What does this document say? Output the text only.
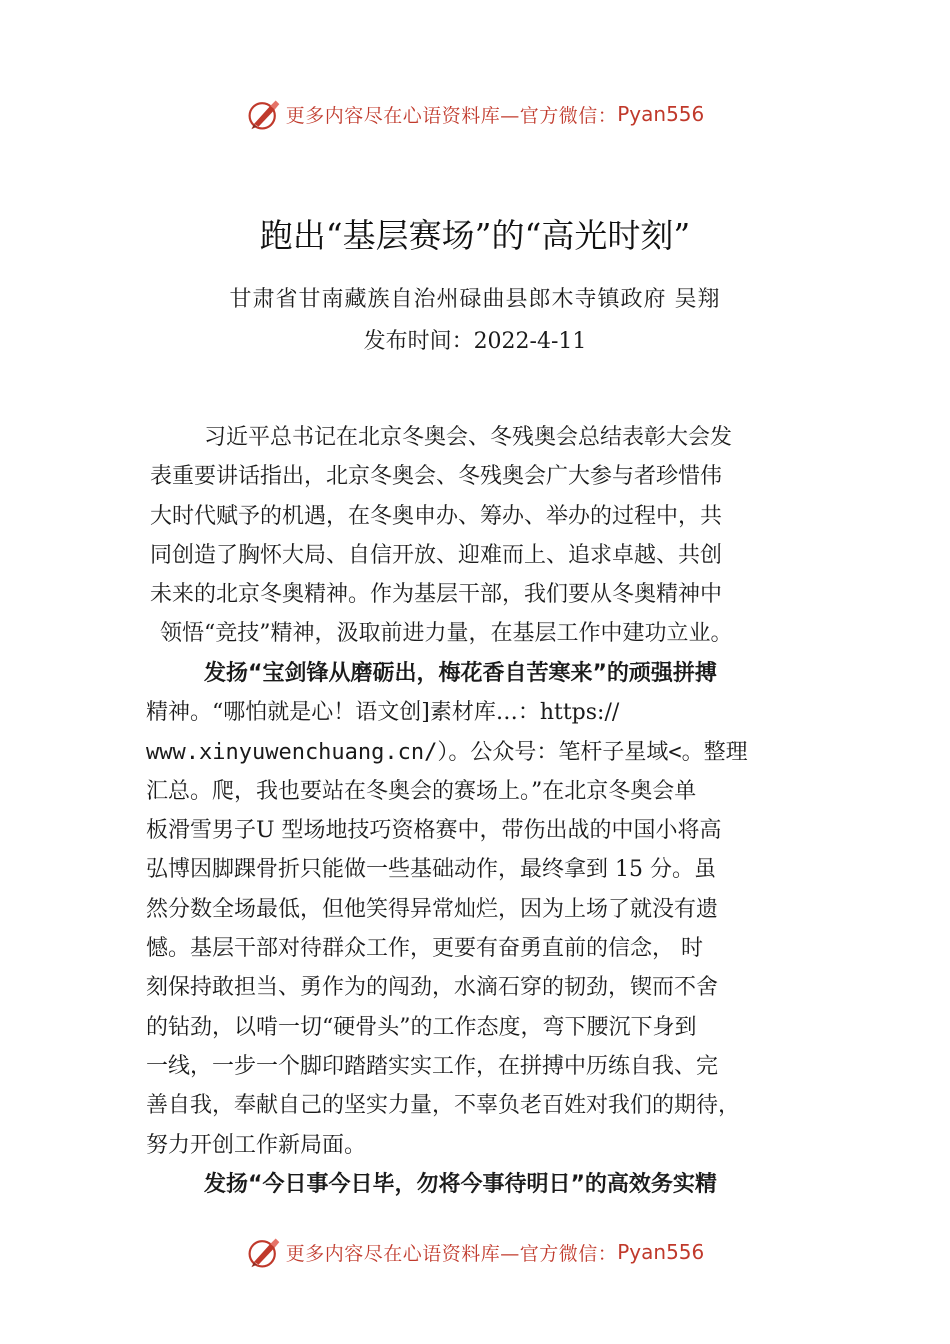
更多内容尽在心语资料库—官方微信： Pyan556
跑出“基层赛场”的“高光时刻”
甘肃省甘南藏族自治州碌曲县郎木寺镇政府 吴翔
发布时间：2022-4-11
习近平总书记在北京冬奥会、冬残奥会总结表彰大会发
表重要讲话指出，北京冬奥会、冬残奥会广大参与者珍惜伟
大时代赋予的机遇，在冬奥申办、筹办、举办的过程中，共
同创造了胸怀大局、自信开放、迎难而上、追求卓越、共创
未来的北京冬奥精神。作为基层干部，我们要从冬奥精神中
领悟“竞技”精神，汲取前进力量，在基层工作中建功立业。
发扬“宝剑锋从磨砺出，梅花香自苦寒来”的顽强拼搏
精神。“哪怕就是心！语文创]素材库…：https://
www.xinyuwenchuang.cn/）。公众号：笔杆子星域<。整理
汇总。爬，我也要站在冬奥会的赛场上。”在北京冬奥会单
板滑雪男子U 型场地技巧资格赛中，带伤出战的中国小将高
弘博因脚踝骨折只能做一些基础动作，最终拿到 15 分。虽
然分数全场最低，但他笑得异常灿烂，因为上场了就没有遗
憾。基层干部对待群众工作，更要有奋勇直前的信念， 时
刻保持敢担当、勇作为的闯劲，水滴石穿的韧劲，锲而不舍
的钻劲，以啃一切“硬骨头”的工作态度，弯下腰沉下身到
一线，一步一个脚印踏踏实实工作，在拼搏中历练自我、完
善自我，奉献自己的坚实力量，不辜负老百姓对我们的期待，
努力开创工作新局面。
发扬“今日事今日毕，勿将今事待明日”的高效务实精
更多内容尽在心语资料库—官方微信： Pyan556
